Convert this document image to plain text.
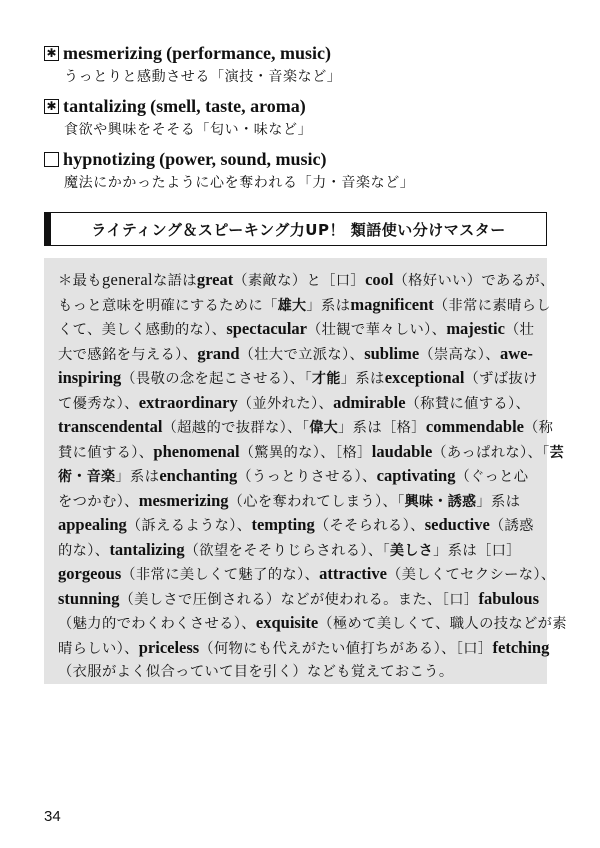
✱ mesmerizing (performance, music)
うっとりと感動させる「演技・音楽など」
✱ tantalizing (smell, taste, aroma)
食欲や興味をそそる「匂い・味など」
hypnotizing (power, sound, music)
魔法にかかったように心を奪われる「力・音楽など」
ライティング＆スピーキング力UP！ 類語使い分けマスター
＊最もgeneralな語はgreat（素敵な）と［口］cool（格好いい）であるが、
もっと意味を明確にするために「雄大」系はmagnificent（非常に素晴らし
くて、美しく感動的な）、spectacular（壮観で華々しい）、majestic（壮
大で感銘を与える）、grand（壮大で立派な）、sublime（崇高な）、awe-
inspiring（畏敬の念を起こさせる）、「才能」系はexceptional（ずば抜け
て優秀な）、extraordinary（並外れた）、admirable（称賛に値する）、
transcendental（超越的で抜群な）、「偉大」系は［格］commendable（称
賛に値する）、phenomenal（驚異的な）、［格］laudable（あっぱれな）、「芸
術・音楽」系はenchanting（うっとりさせる）、captivating（ぐっと心
をつかむ）、mesmerizing（心を奪われてしまう）、「興味・誘惑」系は
appealing（訴えるような）、tempting（そそられる）、seductive（誘惑
的な）、tantalizing（欲望をそそりじらされる）、「美しさ」系は［口］
gorgeous（非常に美しくて魅了的な）、attractive（美しくてセクシーな）、
stunning（美しさで圧倒される）などが使われる。また、［口］fabulous
（魅力的でわくわくさせる）、exquisite（極めて美しくて、職人の技などが素
晴らしい）、priceless（何物にも代えがたい値打ちがある）、［口］fetching
（衣服がよく似合っていて目を引く）なども覚えておこう。
34
